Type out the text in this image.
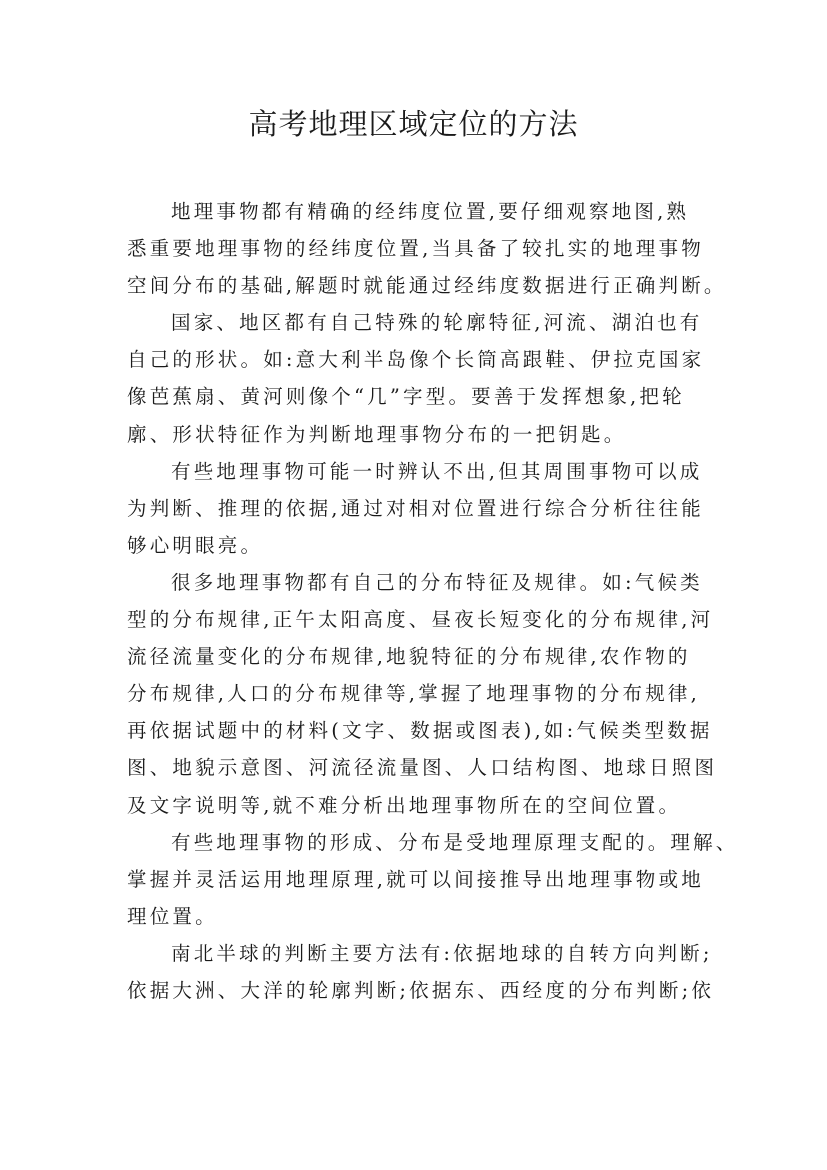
高考地理区域定位的方法
地理事物都有精确的经纬度位置,要仔细观察地图,熟
悉重要地理事物的经纬度位置,当具备了较扎实的地理事物
空间分布的基础,解题时就能通过经纬度数据进行正确判断。
国家、地区都有自己特殊的轮廓特征,河流、湖泊也有
自己的形状。如:意大利半岛像个长筒高跟鞋、伊拉克国家
像芭蕉扇、黄河则像个“几”字型。要善于发挥想象,把轮
廓、形状特征作为判断地理事物分布的一把钥匙。
有些地理事物可能一时辨认不出,但其周围事物可以成
为判断、推理的依据,通过对相对位置进行综合分析往往能
够心明眼亮。
很多地理事物都有自己的分布特征及规律。如:气候类
型的分布规律,正午太阳高度、昼夜长短变化的分布规律,河
流径流量变化的分布规律,地貌特征的分布规律,农作物的
分布规律,人口的分布规律等,掌握了地理事物的分布规律,
再依据试题中的材料(文字、数据或图表),如:气候类型数据
图、地貌示意图、河流径流量图、人口结构图、地球日照图
及文字说明等,就不难分析出地理事物所在的空间位置。
有些地理事物的形成、分布是受地理原理支配的。理解、
掌握并灵活运用地理原理,就可以间接推导出地理事物或地
理位置。
南北半球的判断主要方法有:依据地球的自转方向判断;
依据大洲、大洋的轮廓判断;依据东、西经度的分布判断;依
